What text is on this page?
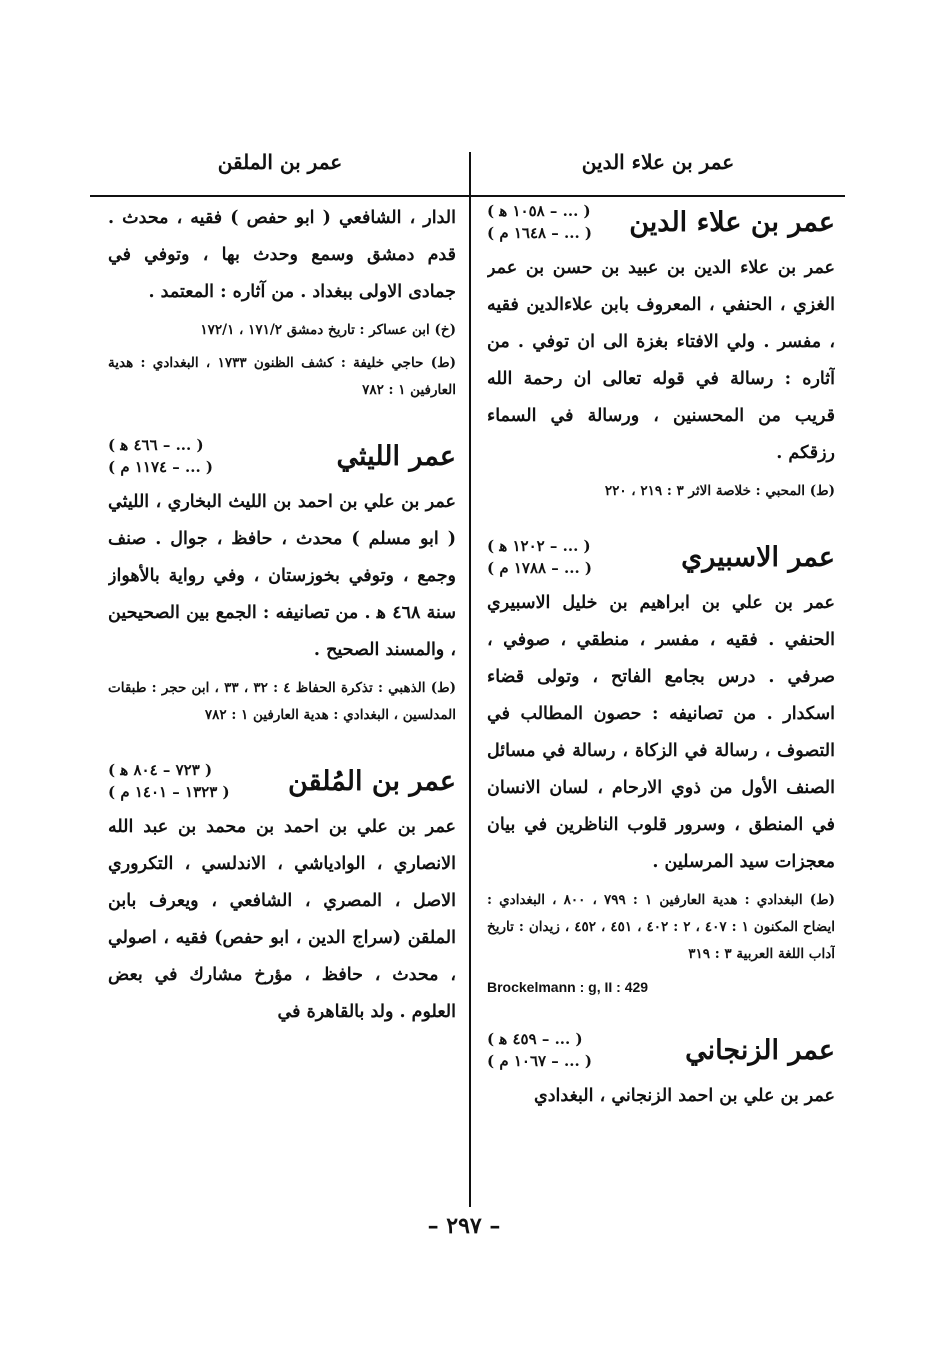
عمر بن علاء الدين
عمر بن الملقن
عمر بن علاء الدين
( ... – ١٠٥٨ ﻫ )
( ... – ١٦٤٨ م )

عمر بن علاء الدين بن عبيد بن حسن بن عمر الغزي ، الحنفي ، المعروف بابن علاءالدين فقيه ، مفسر . ولي الافتاء بغزة الى ان توفي . من آثاره : رسالة في قوله تعالى ان رحمة الله قريب من المحسنين ، ورسالة في السماء رزقكم .

(ط) المحبي : خلاصة الاثر ٣ : ٢١٩ ، ٢٢٠

عمر الاسبيري
( ... – ١٢٠٢ ﻫ )
( ... – ١٧٨٨ م )

عمر بن علي بن ابراهيم بن خليل الاسبيري الحنفي . فقيه ، مفسر ، منطقي ، صوفي ، صرفي . درس بجامع الفاتح ، وتولى قضاء اسكدار . من تصانيفه : حصون المطالب في التصوف ، رسالة في الزكاة ، رسالة في مسائل الصنف الأول من ذوي الارحام ، لسان الانسان في المنطق ، وسرور قلوب الناظرين في بيان معجزات سيد المرسلين .

(ط) البغدادي : هدية العارفين ١ : ٧٩٩ ، ٨٠٠ ، البغدادي : ايضاح المكنون ١ : ٤٠٧ ، ٢ : ٤٠٢ ، ٤٥١ ، ٤٥٢ ، زيدان : تاريخ آداب اللغة العربية ٣ : ٣١٩

Brockelmann : g, II : 429

عمر الزنجاني
( ... – ٤٥٩ ﻫ )
( ... – ١٠٦٧ م )

عمر بن علي بن احمد الزنجاني ، البغدادي

الدار ، الشافعي ( ابو حفص ) فقيه ، محدث . قدم دمشق وسمع وحدث بها ، وتوفي في جمادى الاولى ببغداد . من آثاره : المعتمد .

(خ) ابن عساكر : تاريخ دمشق ١٧١/٢ ، ١٧٢/١

(ط) حاجي خليفة : كشف الظنون ١٧٣٣ ، البغدادي : هدية العارفين ١ : ٧٨٢

عمر الليثي
( ... – ٤٦٦ ﻫ )
( ... – ١١٧٤ م )

عمر بن علي بن احمد بن الليث البخاري ، الليثي ( ابو مسلم ) محدث ، حافظ ، جوال . صنف وجمع ، وتوفي بخوزستان ، وفي رواية بالأهواز سنة ٤٦٨ ﻫ . من تصانيفه : الجمع بين الصحيحين ، والمسند الصحيح .

(ط) الذهبي : تذكرة الحفاظ ٤ : ٣٢ ، ٣٣ ، ابن حجر : طبقات المدلسين ، البغدادي : هدية العارفين ١ : ٧٨٢

عمر بن المُلقن
( ٧٢٣ – ٨٠٤ ﻫ )
( ١٣٢٣ – ١٤٠١ م )

عمر بن علي بن احمد بن محمد بن عبد الله الانصاري ، الوادياشي ، الاندلسي ، التكروري الاصل ، المصري ، الشافعي ، ويعرف بابن الملقن (سراج الدين ، ابو حفص) فقيه ، اصولي ، محدث ، حافظ ، مؤرخ مشارك في بعض العلوم . ولد بالقاهرة في

– ٢٩٧ –
